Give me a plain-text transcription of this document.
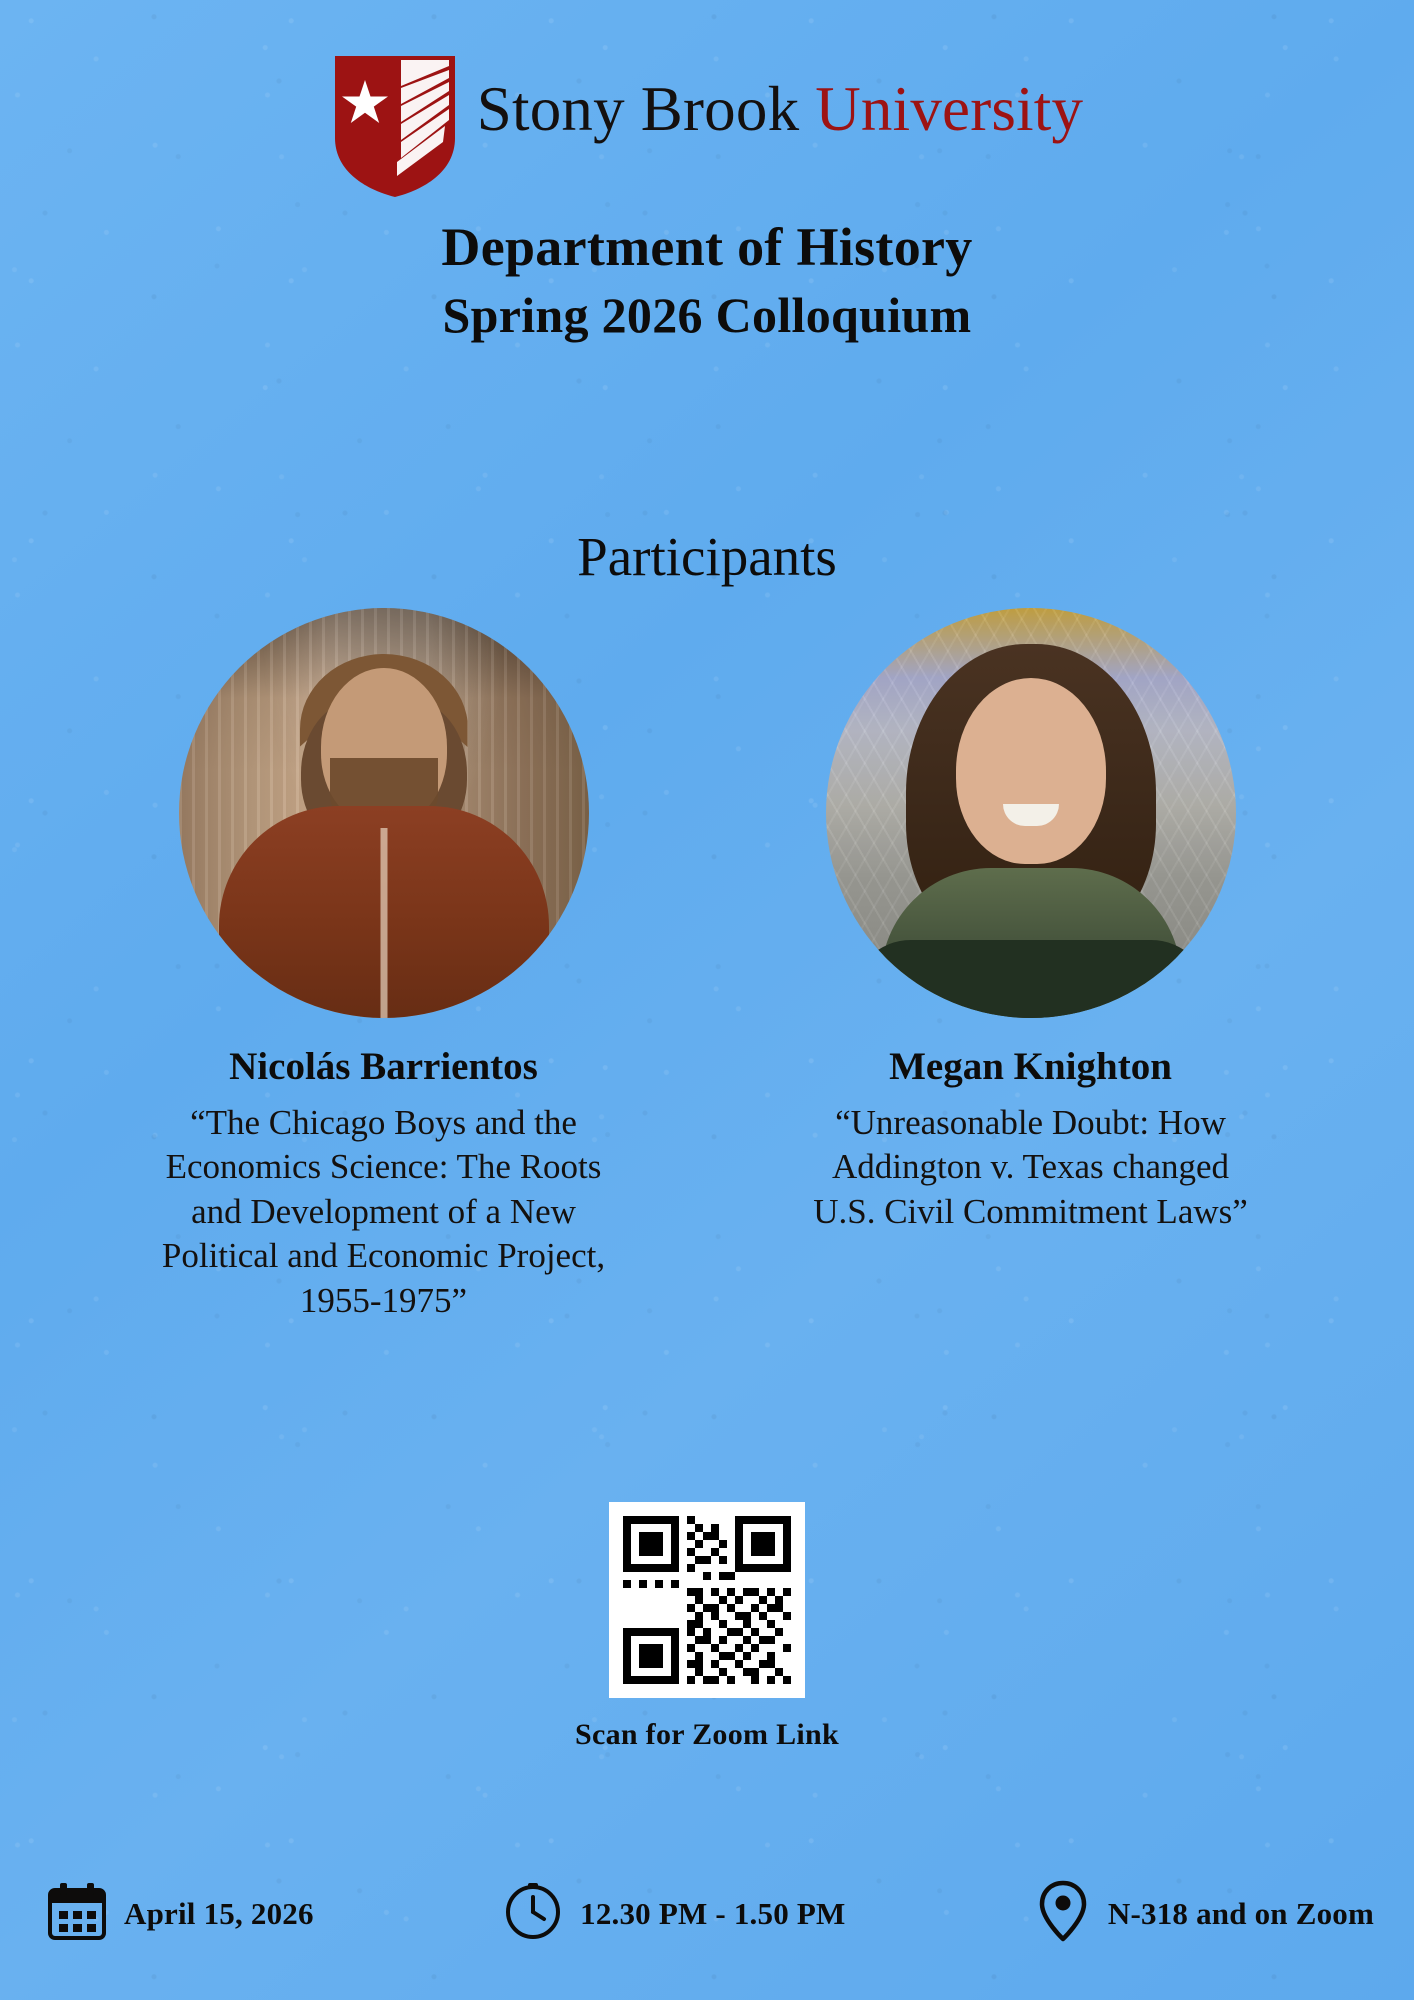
Stony Brook University
Department of History
Spring 2026 Colloquium
Participants
Nicolás Barrientos
“The Chicago Boys and the Economics Science: The Roots and Development of a New Political and Economic Project, 1955-1975”
Megan Knighton
“Unreasonable Doubt: How Addington v. Texas changed U.S. Civil Commitment Laws”
Scan for Zoom Link
April 15, 2026	12.30 PM - 1.50 PM	N-318 and on Zoom
